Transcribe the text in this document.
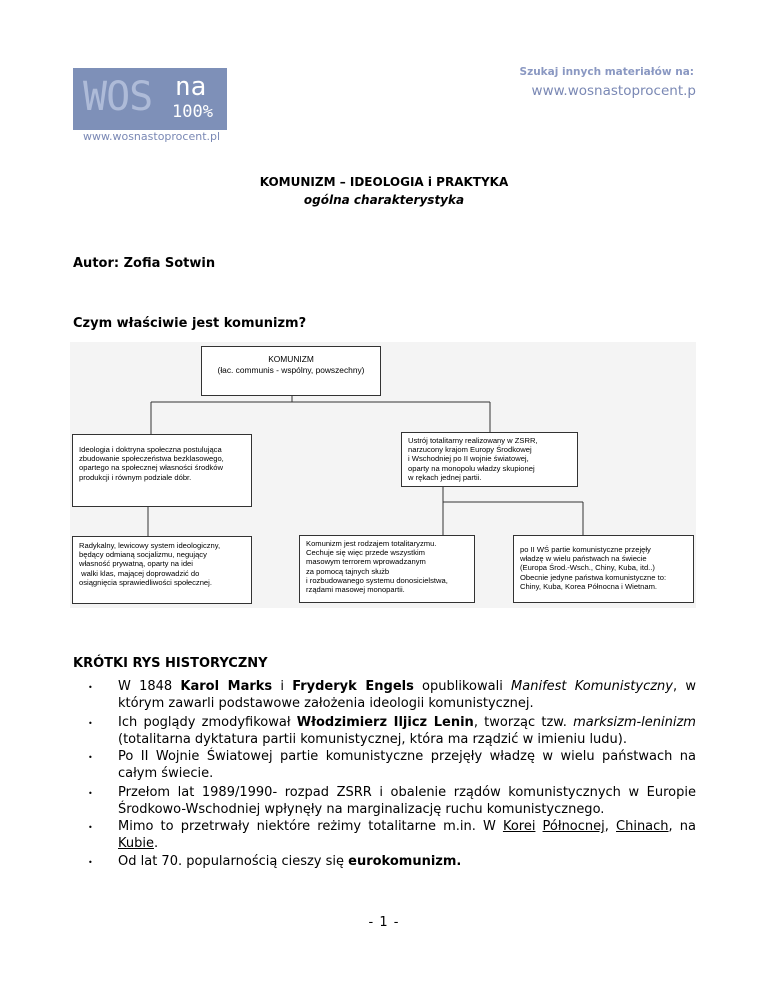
WOS na
100%
www.wosnastoprocent.pl
Szukaj innych materiałów na:
www.wosnastoprocent.p
KOMUNIZM – IDEOLOGIA i PRAKTYKA
ogólna charakterystyka
Autor: Zofia Sotwin
Czym właściwie jest komunizm?
KOMUNIZM
(łac. communis - wspólny, powszechny)
Ideologia i doktryna społeczna postulująca
zbudowanie społeczeństwa bezklasowego,
opartego na społecznej własności środków
produkcji i równym podziale dóbr.
Ustrój totalitarny realizowany w ZSRR,
narzucony krajom Europy Środkowej
i Wschodniej po II wojnie światowej,
oparty na monopolu władzy skupionej
w rękach jednej partii.
Radykalny, lewicowy system ideologiczny,
będący odmianą socjalizmu, negujący
własność prywatną, oparty na idei
walki klas, mającej doprowadzić do
osiągnięcia sprawiedliwości społecznej.
Komunizm jest rodzajem totalitaryzmu.
Cechuje się więc przede wszystkim
masowym terrorem wprowadzanym
za pomocą tajnych służb
i rozbudowanego systemu donosicielstwa,
rządami masowej monopartii.
po II WŚ partie komunistyczne przejęły
władzę w wielu państwach na świecie
(Europa Środ.-Wsch., Chiny, Kuba, itd..)
Obecnie jedyne państwa komunistyczne to:
Chiny, Kuba, Korea Północna i Wietnam.
KRÓTKI RYS HISTORYCZNY
• W 1848 Karol Marks i Fryderyk Engels opublikowali Manifest Komunistyczny, w którym zawarli podstawowe założenia ideologii komunistycznej.
• Ich poglądy zmodyfikował Włodzimierz Iljicz Lenin, tworząc tzw. marksizm-leninizm (totalitarna dyktatura partii komunistycznej, która ma rządzić w imieniu ludu).
• Po II Wojnie Światowej partie komunistyczne przejęły władzę w wielu państwach na całym świecie.
• Przełom lat 1989/1990- rozpad ZSRR i obalenie rządów komunistycznych w Europie Środkowo-Wschodniej wpłynęły na marginalizację ruchu komunistycznego.
• Mimo to przetrwały niektóre reżimy totalitarne m.in. W Korei Północnej, Chinach, na Kubie.
• Od lat 70. popularnością cieszy się eurokomunizm.
- 1 -
